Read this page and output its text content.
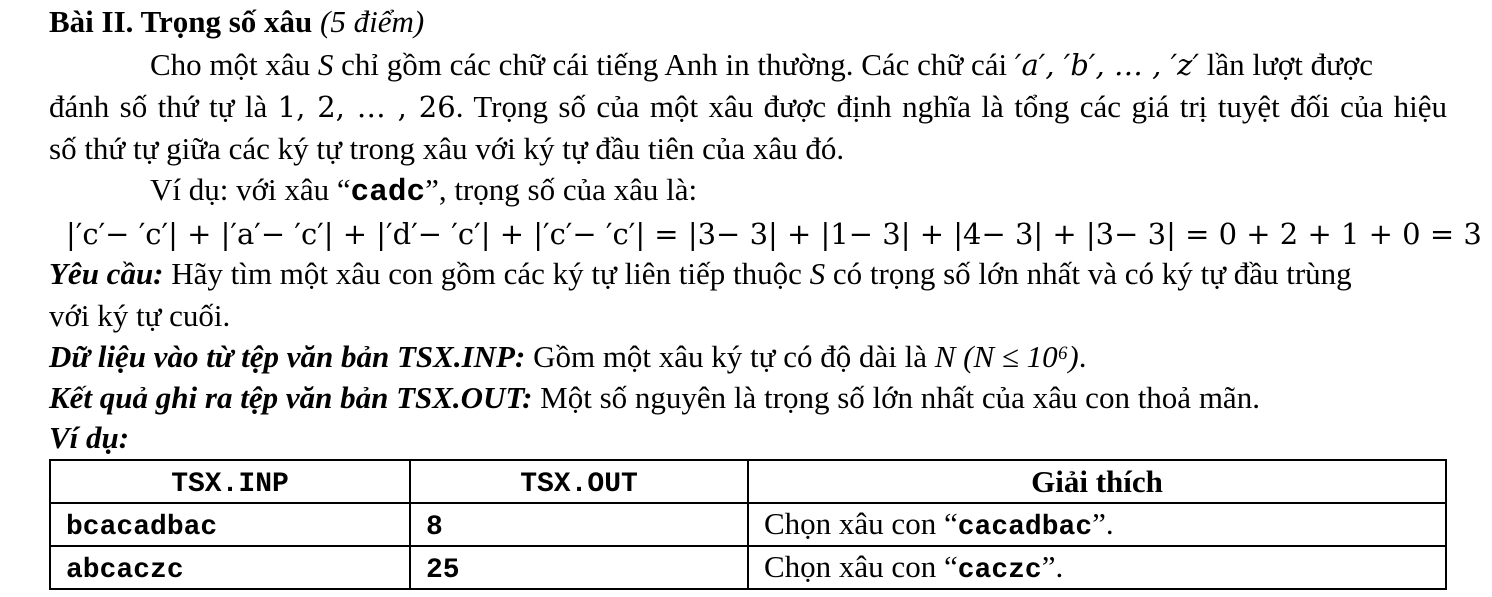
Bài II. Trọng số xâu (5 điểm)
Cho một xâu S chỉ gồm các chữ cái tiếng Anh in thường. Các chữ cái ′a′, ′b′, … , ′z′ lần lượt được
đánh số thứ tự là 1, 2, … , 26. Trọng số của một xâu được định nghĩa là tổng các giá trị tuyệt đối của hiệu
số thứ tự giữa các ký tự trong xâu với ký tự đầu tiên của xâu đó.
Ví dụ: với xâu “cadc”, trọng số của xâu là:
|′c′− ′c′| + |′a′− ′c′| + |′d′− ′c′| + |′c′− ′c′| = |3− 3| + |1− 3| + |4− 3| + |3− 3| = 0 + 2 + 1 + 0 = 3
Yêu cầu: Hãy tìm một xâu con gồm các ký tự liên tiếp thuộc S có trọng số lớn nhất và có ký tự đầu trùng
với ký tự cuối.
Dữ liệu vào từ tệp văn bản TSX.INP: Gồm một xâu ký tự có độ dài là N (N ≤ 10⁶).
Kết quả ghi ra tệp văn bản TSX.OUT: Một số nguyên là trọng số lớn nhất của xâu con thoả mãn.
Ví dụ:
TSX.INP	TSX.OUT	Giải thích
bcacadbac	8	Chọn xâu con “cacadbac”.
abcaczc	25	Chọn xâu con “caczc”.
